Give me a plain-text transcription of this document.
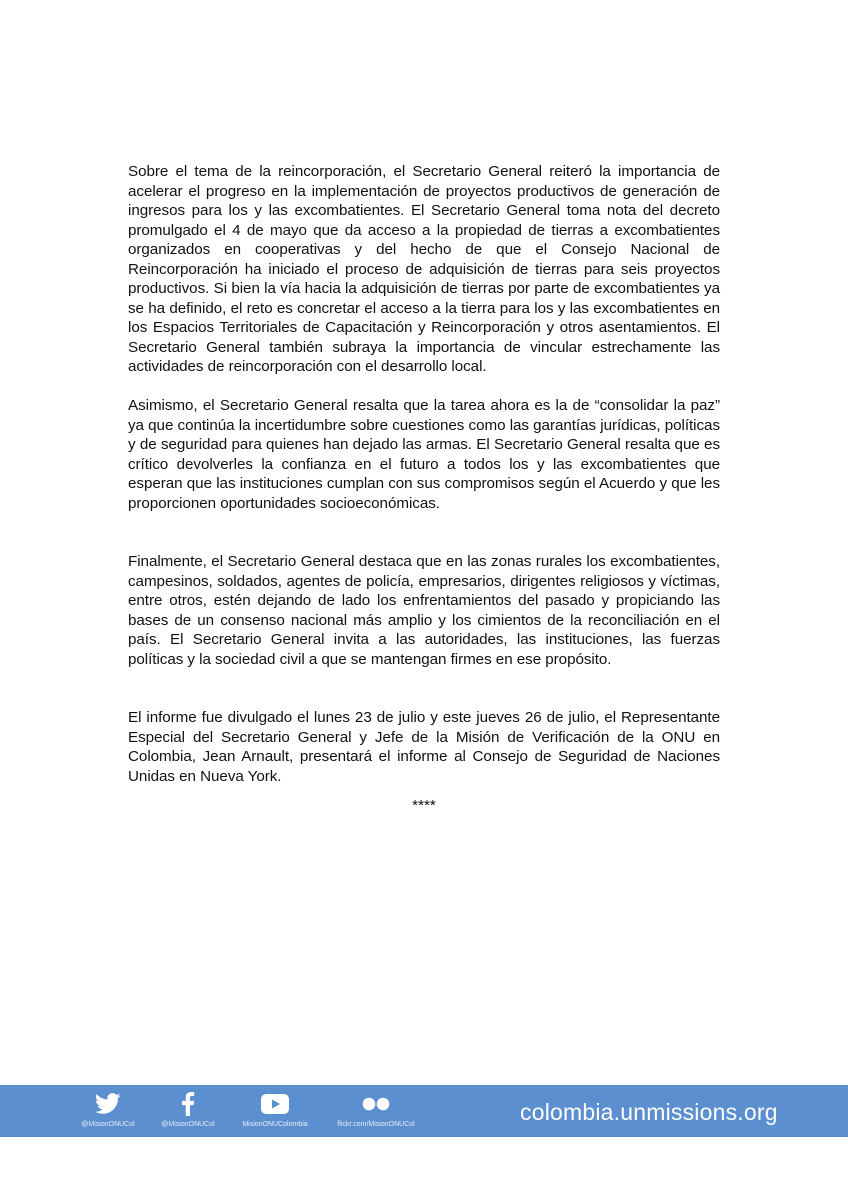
Sobre el tema de la reincorporación, el Secretario General reiteró la importancia de acelerar el progreso en la implementación de proyectos productivos de generación de ingresos para los y las excombatientes. El Secretario General toma nota del decreto promulgado el 4 de mayo que da acceso a la propiedad de tierras a excombatientes organizados en cooperativas y del hecho de que el Consejo Nacional de Reincorporación ha iniciado el proceso de adquisición de tierras para seis proyectos productivos. Si bien la vía hacia la adquisición de tierras por parte de excombatientes ya se ha definido, el reto es concretar el acceso a la tierra para los y las excombatientes en los Espacios Territoriales de Capacitación y Reincorporación y otros asentamientos. El Secretario General también subraya la importancia de vincular estrechamente las actividades de reincorporación con el desarrollo local.

Asimismo, el Secretario General resalta que la tarea ahora es la de “consolidar la paz” ya que continúa la incertidumbre sobre cuestiones como las garantías jurídicas, políticas y de seguridad para quienes han dejado las armas. El Secretario General resalta que es crítico devolverles la confianza en el futuro a todos los y las excombatientes que esperan que las instituciones cumplan con sus compromisos según el Acuerdo y que les proporcionen oportunidades socioeconómicas.

Finalmente, el Secretario General destaca que en las zonas rurales los excombatientes, campesinos, soldados, agentes de policía, empresarios, dirigentes religiosos y víctimas, entre otros, estén dejando de lado los enfrentamientos del pasado y propiciando las bases de un consenso nacional más amplio y los cimientos de la reconciliación en el país. El Secretario General invita a las autoridades, las instituciones, las fuerzas políticas y la sociedad civil a que se mantengan firmes en ese propósito.

El informe fue divulgado el lunes 23 de julio y este jueves 26 de julio, el Representante Especial del Secretario General y Jefe de la Misión de Verificación de la ONU en Colombia, Jean Arnault, presentará el informe al Consejo de Seguridad de Naciones Unidas en Nueva York.

****

@MisionONUCol	@MisionONUCol	MisionONUColombia	flickr.com/MisionONUCol	colombia.unmissions.org
